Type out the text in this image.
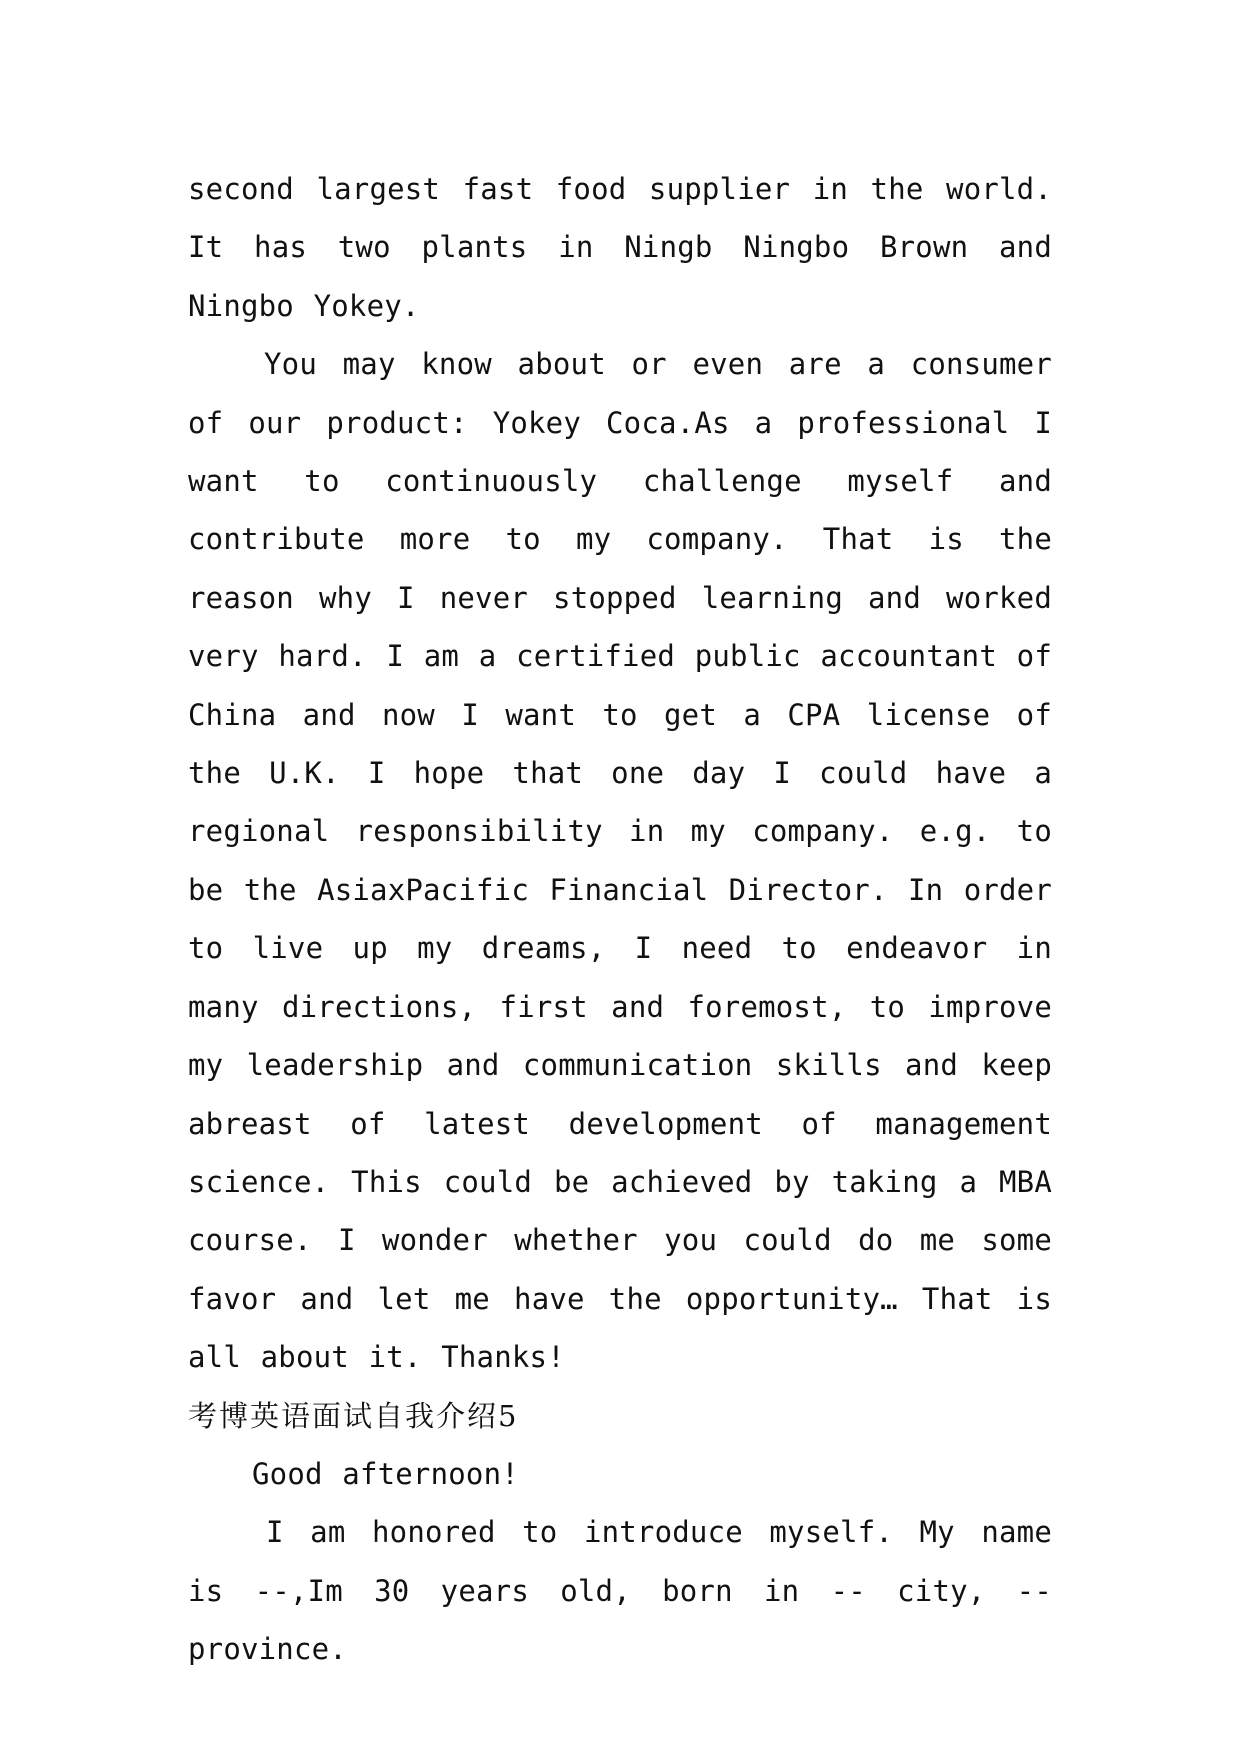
second largest fast food supplier in the world. It has two plants in Ningb Ningbo Brown and Ningbo Yokey.

You may know about or even are a consumer of our product: Yokey Coca.As a professional I want to continuously challenge myself and contribute more to my company. That is the reason why I never stopped learning and worked very hard. I am a certified public accountant of China and now I want to get a CPA license of the U.K. I hope that one day I could have a regional responsibility in my company. e.g. to be the AsiaxPacific Financial Director. In order to live up my dreams, I need to endeavor in many directions, first and foremost, to improve my leadership and communication skills and keep abreast of latest development of management science. This could be achieved by taking a MBA course. I wonder whether you could do me some favor and let me have the opportunity… That is all about it. Thanks!

考博英语面试自我介绍5

Good afternoon!

I am honored to introduce myself. My name is --,Im 30 years old, born in -- city, -- province.
